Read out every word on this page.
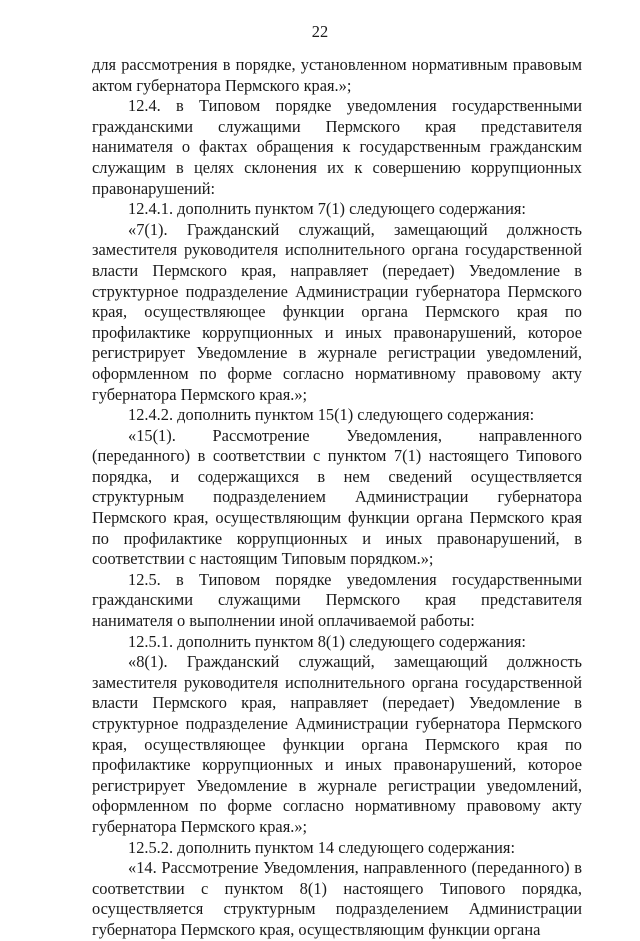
22

для рассмотрения в порядке, установленном нормативным правовым актом губернатора Пермского края.»;

12.4. в Типовом порядке уведомления государственными гражданскими служащими Пермского края представителя нанимателя о фактах обращения к государственным гражданским служащим в целях склонения их к совершению коррупционных правонарушений:

12.4.1. дополнить пунктом 7(1) следующего содержания:

«7(1). Гражданский служащий, замещающий должность заместителя руководителя исполнительного органа государственной власти Пермского края, направляет (передает) Уведомление в структурное подразделение Администрации губернатора Пермского края, осуществляющее функции органа Пермского края по профилактике коррупционных и иных правонарушений, которое регистрирует Уведомление в журнале регистрации уведомлений, оформленном по форме согласно нормативному правовому акту губернатора Пермского края.»;

12.4.2. дополнить пунктом 15(1) следующего содержания:

«15(1). Рассмотрение Уведомления, направленного (переданного) в соответствии с пунктом 7(1) настоящего Типового порядка, и содержащихся в нем сведений осуществляется структурным подразделением Администрации губернатора Пермского края, осуществляющим функции органа Пермского края по профилактике коррупционных и иных правонарушений, в соответствии с настоящим Типовым порядком.»;

12.5. в Типовом порядке уведомления государственными гражданскими служащими Пермского края представителя нанимателя о выполнении иной оплачиваемой работы:

12.5.1. дополнить пунктом 8(1) следующего содержания:

«8(1). Гражданский служащий, замещающий должность заместителя руководителя исполнительного органа государственной власти Пермского края, направляет (передает) Уведомление в структурное подразделение Администрации губернатора Пермского края, осуществляющее функции органа Пермского края по профилактике коррупционных и иных правонарушений, которое регистрирует Уведомление в журнале регистрации уведомлений, оформленном по форме согласно нормативному правовому акту губернатора Пермского края.»;

12.5.2. дополнить пунктом 14 следующего содержания:

«14. Рассмотрение Уведомления, направленного (переданного) в соответствии с пунктом 8(1) настоящего Типового порядка, осуществляется структурным подразделением Администрации губернатора Пермского края, осуществляющим функции органа
